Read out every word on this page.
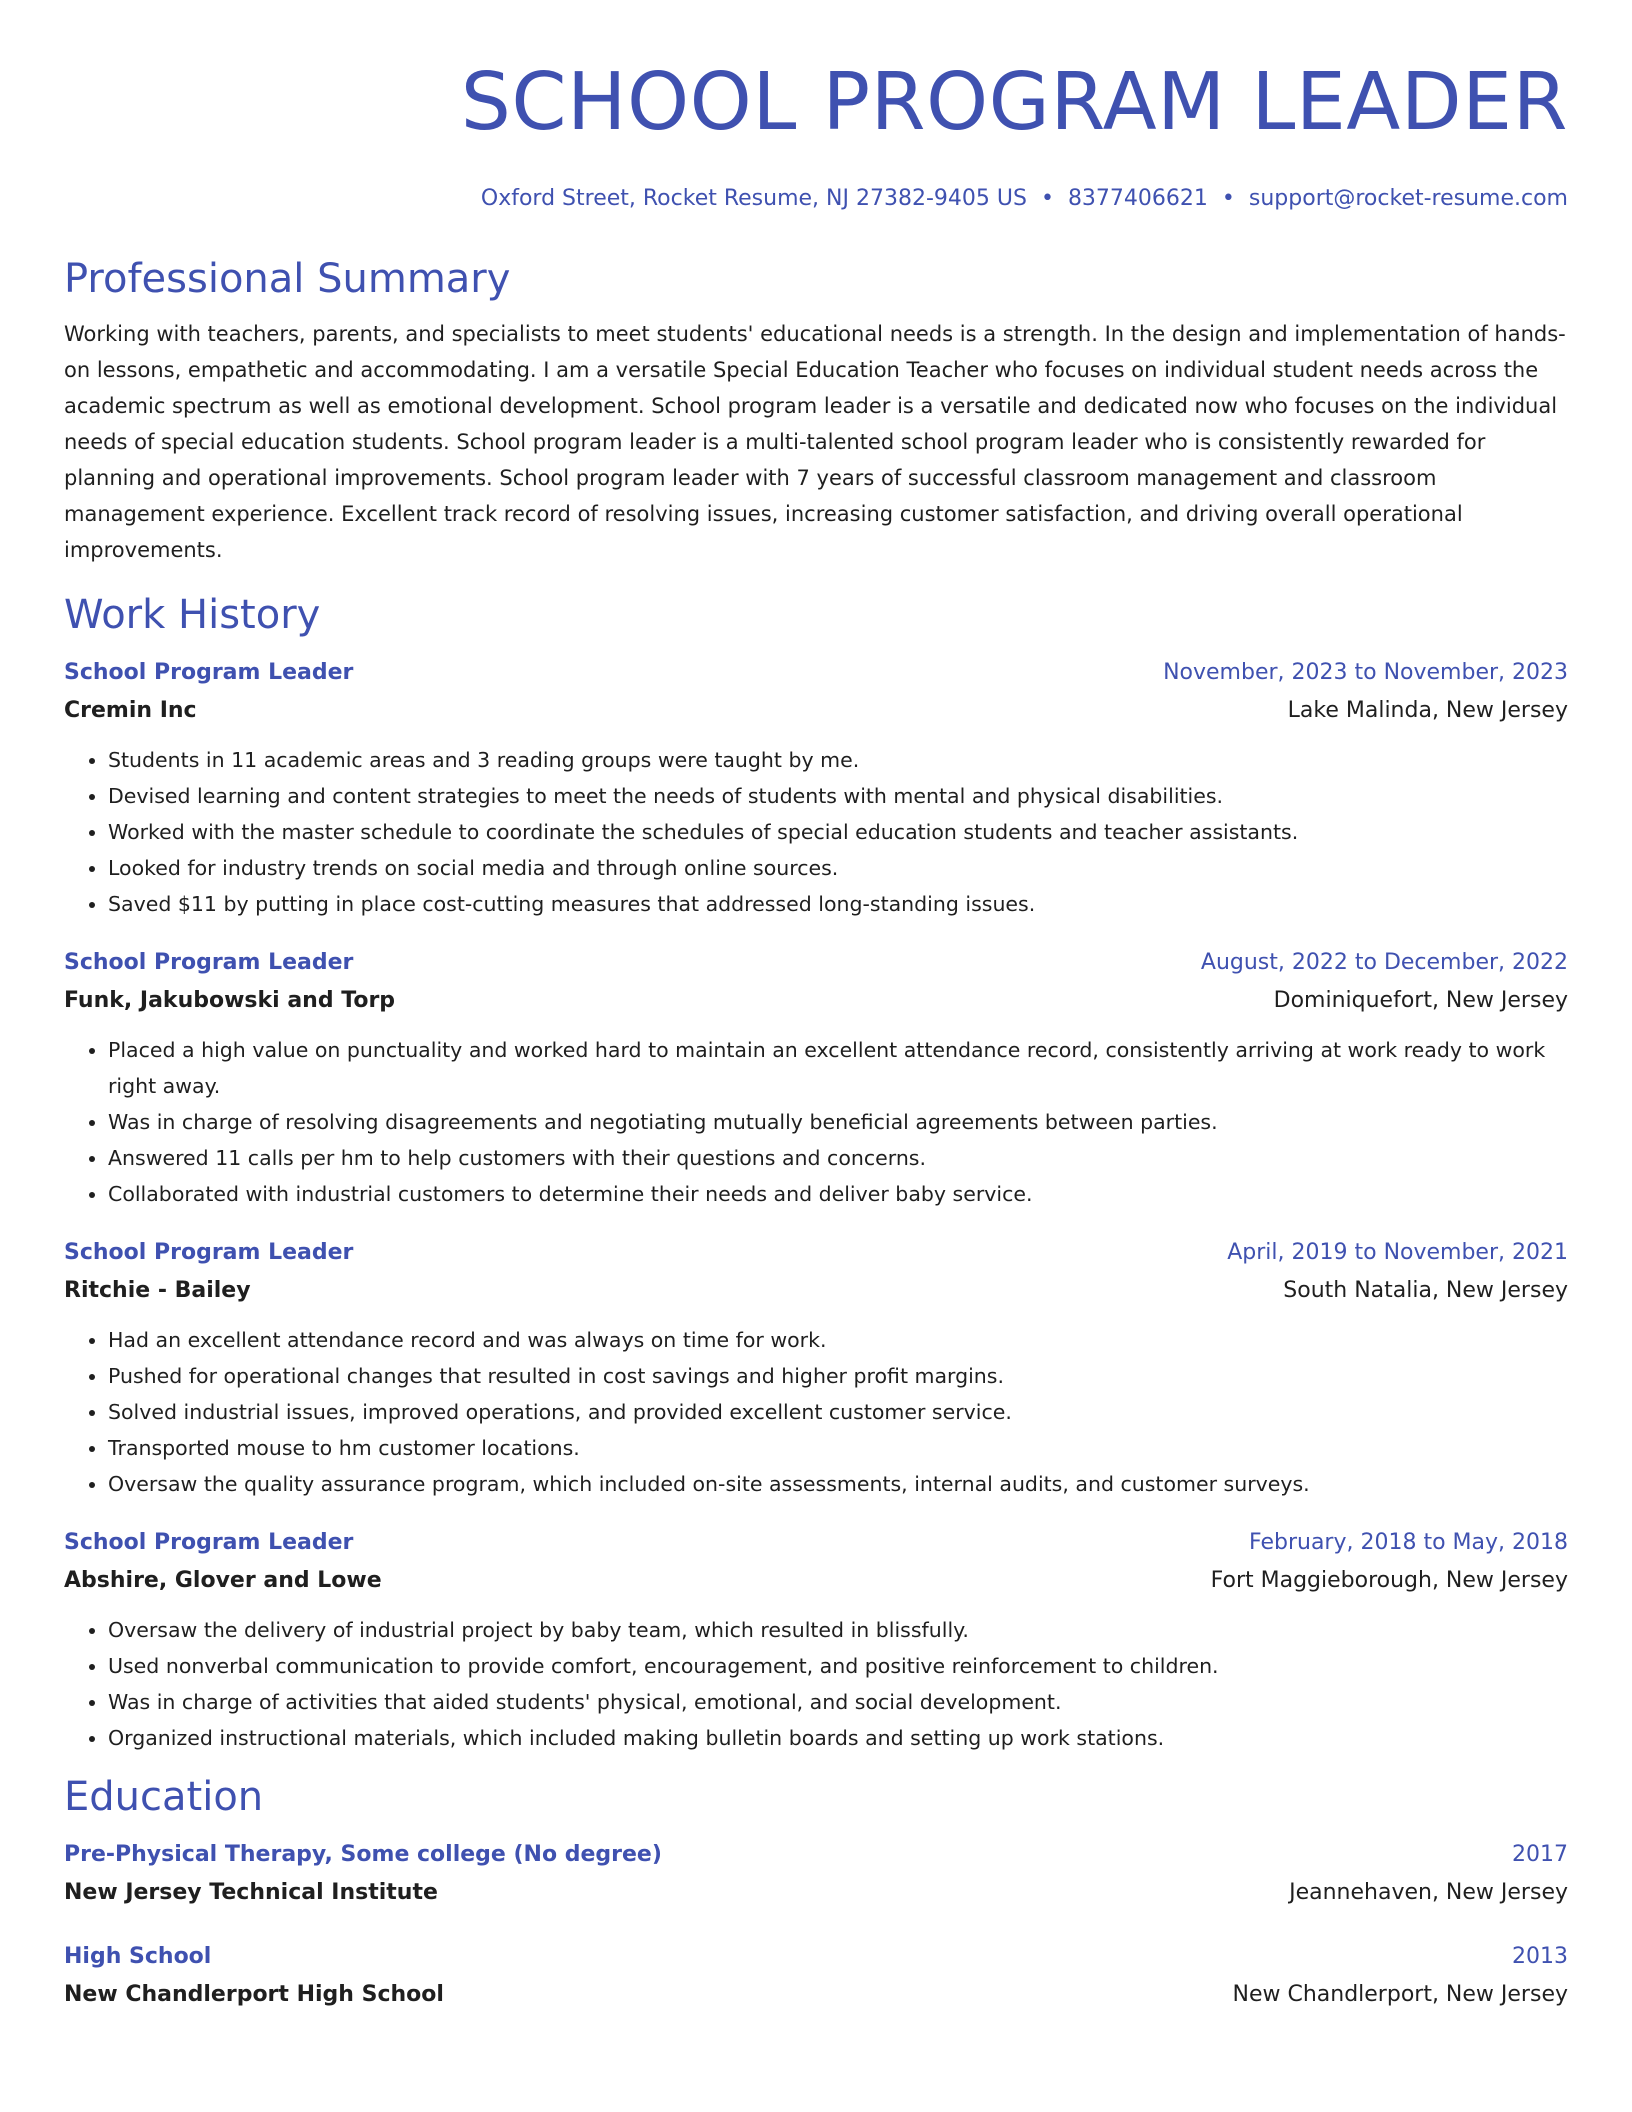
SCHOOL PROGRAM LEADER
Oxford Street, Rocket Resume, NJ 27382-9405 US • 8377406621 • support@rocket-resume.com
Professional Summary

Working with teachers, parents, and specialists to meet students' educational needs is a strength. In the design and implementation of hands-on lessons, empathetic and accommodating. I am a versatile Special Education Teacher who focuses on individual student needs across the academic spectrum as well as emotional development. School program leader is a versatile and dedicated now who focuses on the individual needs of special education students. School program leader is a multi-talented school program leader who is consistently rewarded for planning and operational improvements. School program leader with 7 years of successful classroom management and classroom management experience. Excellent track record of resolving issues, increasing customer satisfaction, and driving overall operational improvements.

Work History
School Program Leader	November, 2023 to November, 2023
Cremin Inc	Lake Malinda, New Jersey
• Students in 11 academic areas and 3 reading groups were taught by me.
• Devised learning and content strategies to meet the needs of students with mental and physical disabilities.
• Worked with the master schedule to coordinate the schedules of special education students and teacher assistants.
• Looked for industry trends on social media and through online sources.
• Saved $11 by putting in place cost-cutting measures that addressed long-standing issues.
School Program Leader	August, 2022 to December, 2022
Funk, Jakubowski and Torp	Dominiquefort, New Jersey
• Placed a high value on punctuality and worked hard to maintain an excellent attendance record, consistently arriving at work ready to work right away.
• Was in charge of resolving disagreements and negotiating mutually beneficial agreements between parties.
• Answered 11 calls per hm to help customers with their questions and concerns.
• Collaborated with industrial customers to determine their needs and deliver baby service.
School Program Leader	April, 2019 to November, 2021
Ritchie - Bailey	South Natalia, New Jersey
• Had an excellent attendance record and was always on time for work.
• Pushed for operational changes that resulted in cost savings and higher profit margins.
• Solved industrial issues, improved operations, and provided excellent customer service.
• Transported mouse to hm customer locations.
• Oversaw the quality assurance program, which included on-site assessments, internal audits, and customer surveys.
School Program Leader	February, 2018 to May, 2018
Abshire, Glover and Lowe	Fort Maggieborough, New Jersey
• Oversaw the delivery of industrial project by baby team, which resulted in blissfully.
• Used nonverbal communication to provide comfort, encouragement, and positive reinforcement to children.
• Was in charge of activities that aided students' physical, emotional, and social development.
• Organized instructional materials, which included making bulletin boards and setting up work stations.
Education
Pre-Physical Therapy, Some college (No degree)	2017
New Jersey Technical Institute	Jeannehaven, New Jersey
High School	2013
New Chandlerport High School	New Chandlerport, New Jersey
